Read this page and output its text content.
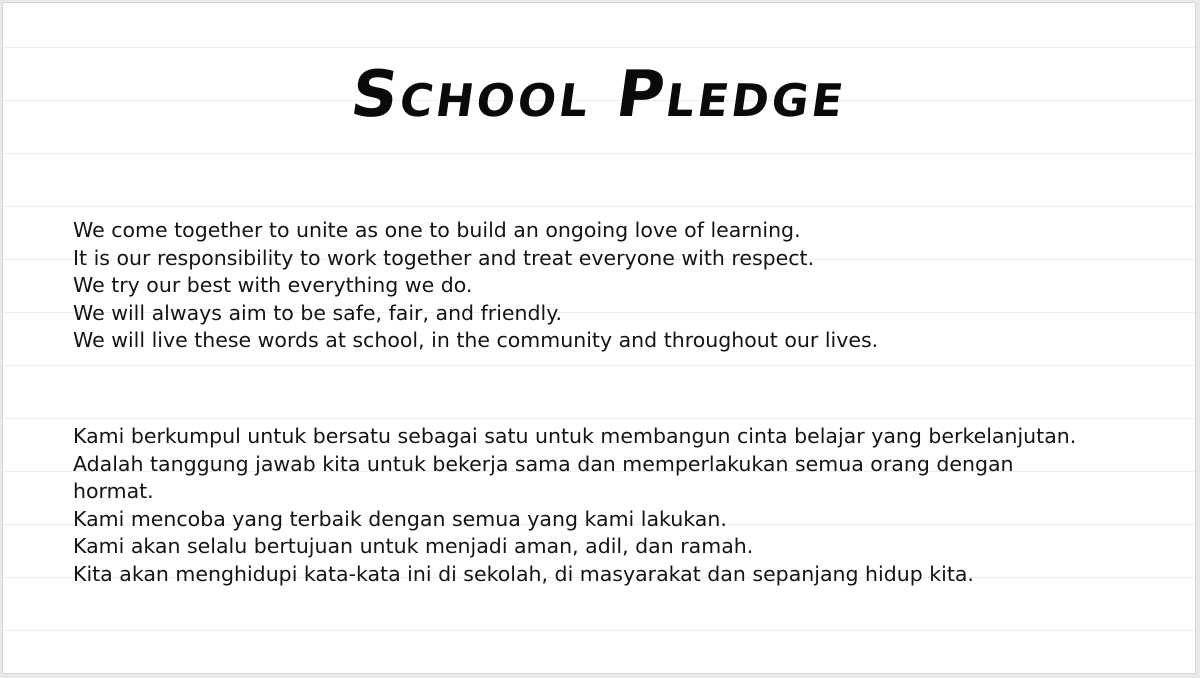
School Pledge
We come together to unite as one to build an ongoing love of learning.
It is our responsibility to work together and treat everyone with respect.
We try our best with everything we do.
We will always aim to be safe, fair, and friendly.
We will live these words at school, in the community and throughout our lives.
Kami berkumpul untuk bersatu sebagai satu untuk membangun cinta belajar yang berkelanjutan.
Adalah tanggung jawab kita untuk bekerja sama dan memperlakukan semua orang dengan hormat.
Kami mencoba yang terbaik dengan semua yang kami lakukan.
Kami akan selalu bertujuan untuk menjadi aman, adil, dan ramah.
Kita akan menghidupi kata-kata ini di sekolah, di masyarakat dan sepanjang hidup kita.
